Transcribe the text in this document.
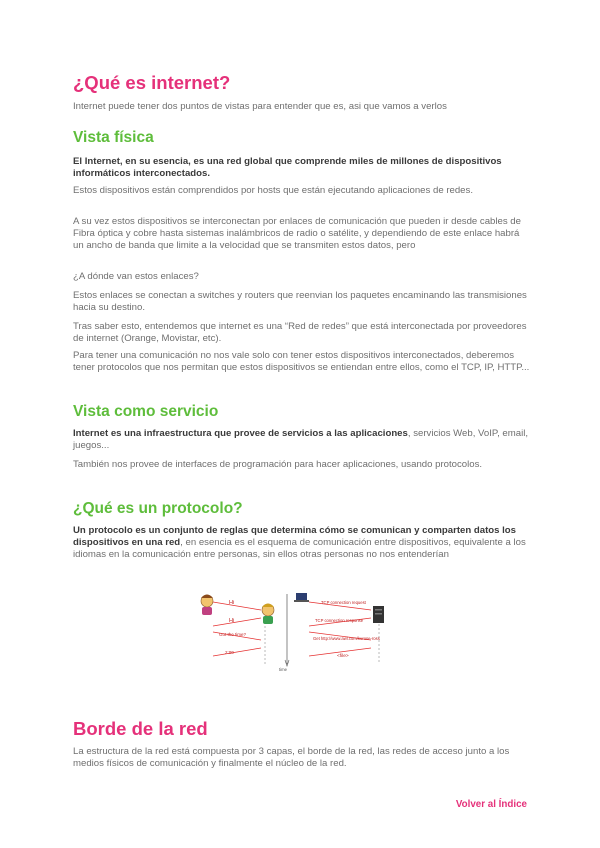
¿Qué es internet?

Internet puede tener dos puntos de vistas para entender que es, asi que vamos a verlos

Vista física

El Internet, en su esencia, es una red global que comprende miles de millones de dispositivos informáticos interconectados.

Estos dispositivos están comprendidos por hosts que están ejecutando aplicaciones de redes.

A su vez estos dispositivos se interconectan por enlaces de comunicación que pueden ir desde cables de Fibra óptica y cobre hasta sistemas inalámbricos de radio o satélite, y dependiendo de este enlace habrá un ancho de banda que limite a la velocidad que se transmiten estos datos, pero

¿A dónde van estos enlaces?

Estos enlaces se conectan a switches y routers que reenvian los paquetes encaminando las transmisiones hacia su destino.

Tras saber esto, entendemos que internet es una “Red de redes” que está interconectada por proveedores de internet (Orange, Movistar, etc).

Para tener una comunicación no nos vale solo con tener estos dispositivos interconectados, deberemos tener protocolos que nos permitan que estos dispositivos se entiendan entre ellos, como el TCP, IP, HTTP...

Vista como servicio

Internet es una infraestructura que provee de servicios a las aplicaciones, servicios Web, VoIP, email, juegos...

También nos provee de interfaces de programación para hacer aplicaciones, usando protocolos.

¿Qué es un protocolo?

Un protocolo es un conjunto de reglas que determina cómo se comunican y comparten datos los dispositivos en una red, en esencia es el esquema de comunicación entre dispositivos, equivalente a los idiomas en la comunicación entre personas, sin ellos otras personas no nos entenderían

Borde de la red

La estructura de la red está compuesta por 3 capas, el borde de la red, las redes de acceso junto a los medios físicos de comunicación y finalmente el núcleo de la red.

Hi
Hi
Got the time?
2:00
time
TCP connection request
TCP connection response
Get http://www.awl.com/kurose-ross
<file>
Volver al Índice
